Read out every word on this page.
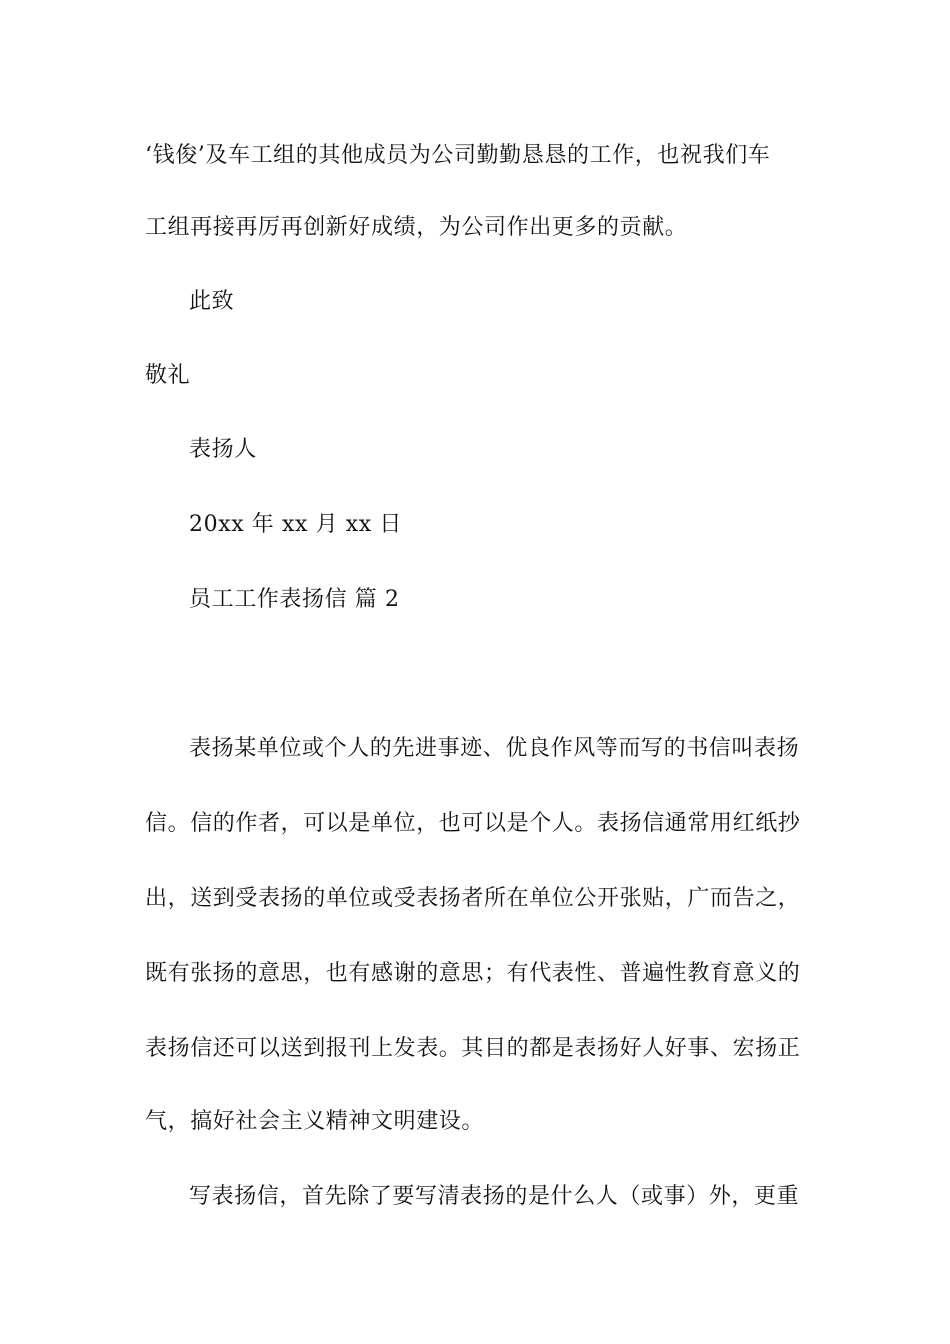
‘钱俊’及车工组的其他成员为公司勤勤恳恳的工作，也祝我们车
工组再接再厉再创新好成绩，为公司作出更多的贡献。
此致
敬礼
表扬人
20xx 年 xx 月 xx 日
员工工作表扬信 篇 2
表扬某单位或个人的先进事迹、优良作风等而写的书信叫表扬
信。信的作者，可以是单位，也可以是个人。表扬信通常用红纸抄
出，送到受表扬的单位或受表扬者所在单位公开张贴，广而告之，
既有张扬的意思，也有感谢的意思；有代表性、普遍性教育意义的
表扬信还可以送到报刊上发表。其目的都是表扬好人好事、宏扬正
气，搞好社会主义精神文明建设。
写表扬信，首先除了要写清表扬的是什么人（或事）外，更重
